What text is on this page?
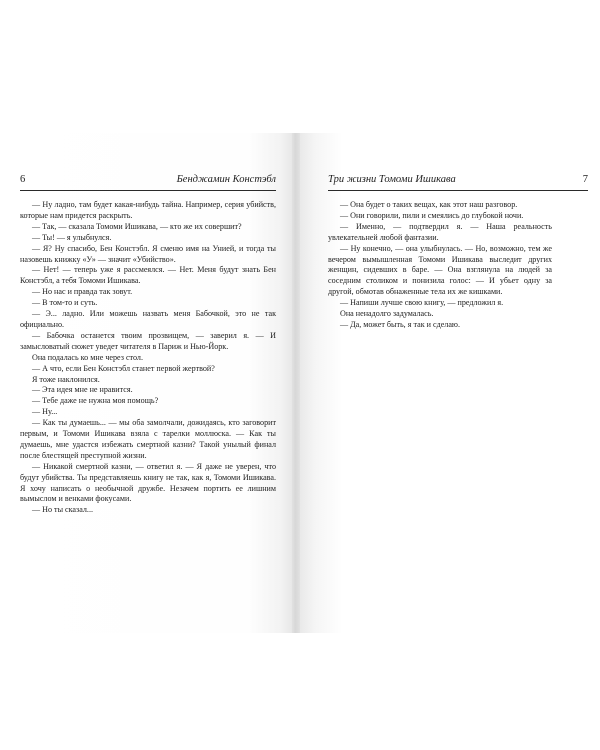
6	Бенджамин Констэбл

— Ну ладно, там будет какая-нибудь тайна. Например, серия убийств, которые нам придется раскрыть.

— Так, — сказала Томоми Ишикава, — кто же их совершит?

— Ты! — я улыбнулся.

— Я? Ну спасибо, Бен Констэбл. Я сменю имя на Унией, и тогда ты назовешь книжку «У» — значит «Убийство».

— Нет! — теперь уже я рассмеялся. — Нет. Меня будут знать Бен Констэбл, а тебя Томоми Ишикава.

— Но нас и правда так зовут.

— В том-то и суть.

— Э... ладно. Или можешь назвать меня Бабочкой, это не так официально.

— Бабочка останется твоим прозвищем, — заверил я. — И замысловатый сюжет уведет читателя в Париж и Нью-Йорк.

Она подалась ко мне через стол.

— А что, если Бен Констэбл станет первой жертвой?

Я тоже наклонился.

— Эта идея мне не нравится.

— Тебе даже не нужна моя помощь?

— Ну...

— Как ты думаешь... — мы оба замолчали, дожидаясь, кто заговорит первым, и Томоми Ишикава взяла с тарелки моллюска. — Как ты думаешь, мне удастся избежать смертной казни? Такой унылый финал после блестящей преступной жизни.

— Никакой смертной казни, — ответил я. — Я даже не уверен, что будут убийства. Ты представляешь книгу не так, как я, Томоми Ишикава. Я хочу написать о необычной дружбе. Незачем портить ее лишним вымыслом и венками фокусами.

— Но ты сказал...

Три жизни Томоми Ишикава	7

— Она будет о таких вещах, как этот наш разговор.

— Они говорили, пили и смеялись до глубокой ночи.

— Именно, — подтвердил я. — Наша реальность увлекательней любой фантазии.

— Ну конечно, — она улыбнулась. — Но, возможно, тем же вечером вымышленная Томоми Ишикава выследит других женщин, сидевших в баре. — Она взглянула на людей за соседним столиком и понизила голос: — И убьет одну за другой, обмотав обнаженные тела их же кишками.

— Напиши лучше свою книгу, — предложил я.

Она ненадолго задумалась.

— Да, может быть, я так и сделаю.
